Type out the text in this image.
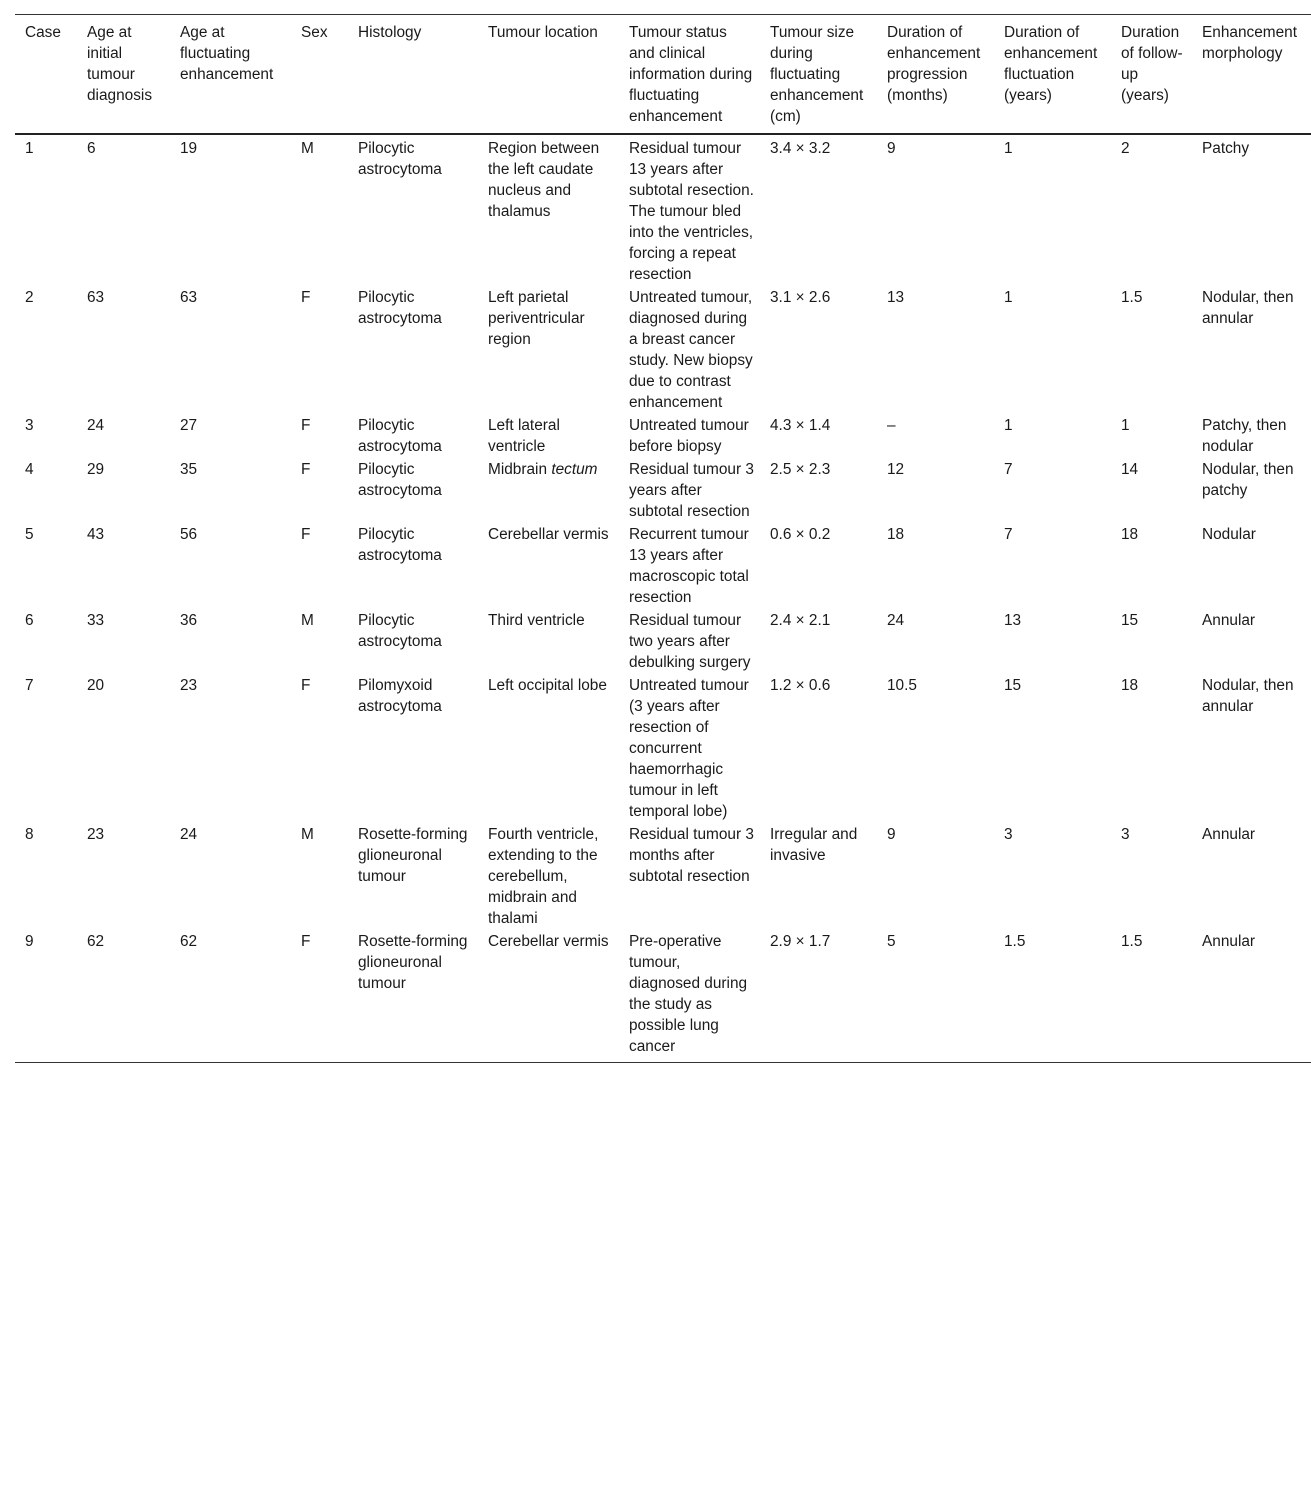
Case	Age at initial tumour diagnosis	Age at fluctuating enhancement	Sex	Histology	Tumour location	Tumour status and clinical information during fluctuating enhancement	Tumour size during fluctuating enhancement (cm)	Duration of enhancement progression (months)	Duration of enhancement fluctuation (years)	Duration of follow-up (years)	Enhancement morphology
1	6	19	M	Pilocytic astrocytoma	Region between the left caudate nucleus and thalamus	Residual tumour 13 years after subtotal resection. The tumour bled into the ventricles, forcing a repeat resection	3.4 × 3.2	9	1	2	Patchy
2	63	63	F	Pilocytic astrocytoma	Left parietal periventricular region	Untreated tumour, diagnosed during a breast cancer study. New biopsy due to contrast enhancement	3.1 × 2.6	13	1	1.5	Nodular, then annular
3	24	27	F	Pilocytic astrocytoma	Left lateral ventricle	Untreated tumour before biopsy	4.3 × 1.4	–	1	1	Patchy, then nodular
4	29	35	F	Pilocytic astrocytoma	Midbrain tectum	Residual tumour 3 years after subtotal resection	2.5 × 2.3	12	7	14	Nodular, then patchy
5	43	56	F	Pilocytic astrocytoma	Cerebellar vermis	Recurrent tumour 13 years after macroscopic total resection	0.6 × 0.2	18	7	18	Nodular
6	33	36	M	Pilocytic astrocytoma	Third ventricle	Residual tumour two years after debulking surgery	2.4 × 2.1	24	13	15	Annular
7	20	23	F	Pilomyxoid astrocytoma	Left occipital lobe	Untreated tumour (3 years after resection of concurrent haemorrhagic tumour in left temporal lobe)	1.2 × 0.6	10.5	15	18	Nodular, then annular
8	23	24	M	Rosette-forming glioneuronal tumour	Fourth ventricle, extending to the cerebellum, midbrain and thalami	Residual tumour 3 months after subtotal resection	Irregular and invasive	9	3	3	Annular
9	62	62	F	Rosette-forming glioneuronal tumour	Cerebellar vermis	Pre-operative tumour, diagnosed during the study as possible lung cancer	2.9 × 1.7	5	1.5	1.5	Annular
